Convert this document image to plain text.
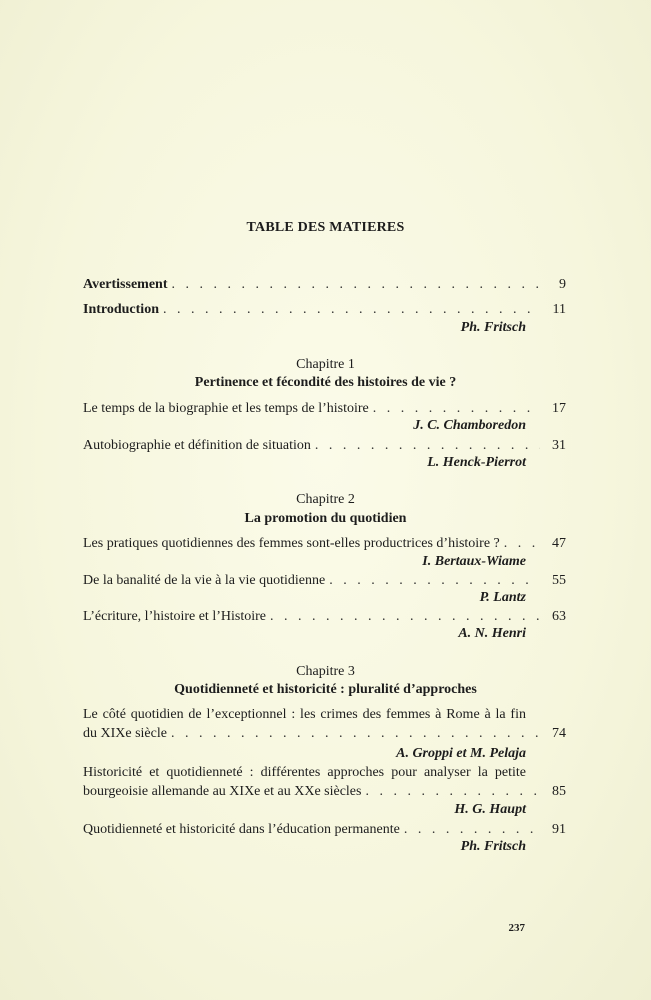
TABLE DES MATIERES
Avertissement . . .	9
Introduction . . .	11
Ph. Fritsch
Chapitre 1
Pertinence et fécondité des histoires de vie ?
Le temps de la biographie et les temps de l’histoire . . .	17
J. C. Chamboredon
Autobiographie et définition de situation . . .	31
L. Henck-Pierrot
Chapitre 2
La promotion du quotidien
Les pratiques quotidiennes des femmes sont-elles productrices d’histoire ? . . .	47
I. Bertaux-Wiame
De la banalité de la vie à la vie quotidienne . . .	55
P. Lantz
L’écriture, l’histoire et l’Histoire . . .	63
A. N. Henri
Chapitre 3
Quotidienneté et historicité : pluralité d’approches
Le côté quotidien de l’exceptionnel : les crimes des femmes à Rome à la fin
du XIXe siècle . . .	74
A. Groppi et M. Pelaja
Historicité et quotidienneté : différentes approches pour analyser la petite
bourgeoisie allemande au XIXe et au XXe siècles . . .	85
H. G. Haupt
Quotidienneté et historicité dans l’éducation permanente . . .	91
Ph. Fritsch
237
